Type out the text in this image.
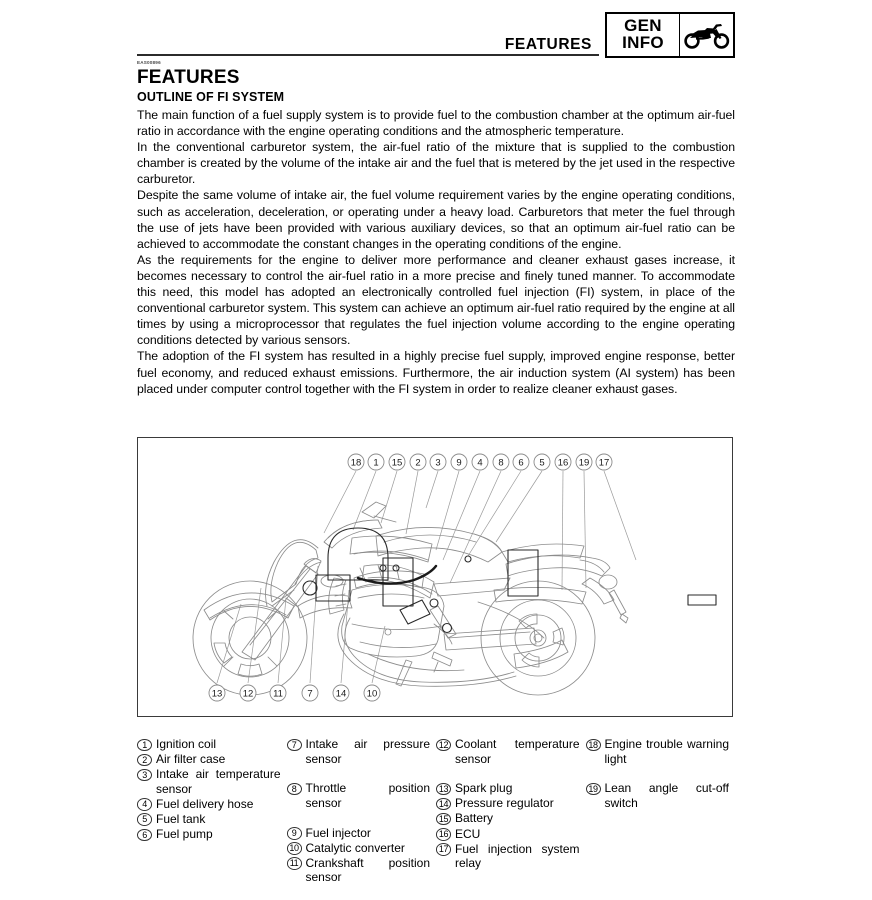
FEATURES
GEN
INFO
EAS00896
FEATURES
OUTLINE OF FI SYSTEM

The main function of a fuel supply system is to provide fuel to the combustion chamber at the optimum air-fuel ratio in accordance with the engine operating conditions and the atmospheric temperature.

In the conventional carburetor system, the air-fuel ratio of the mixture that is supplied to the combustion chamber is created by the volume of the intake air and the fuel that is metered by the jet used in the respective carburetor.

Despite the same volume of intake air, the fuel volume requirement varies by the engine operating conditions, such as acceleration, deceleration, or operating under a heavy load. Carburetors that meter the fuel through the use of jets have been provided with various auxiliary devices, so that an optimum air-fuel ratio can be achieved to accommodate the constant changes in the operating conditions of the engine.

As the requirements for the engine to deliver more performance and cleaner exhaust gases increase, it becomes necessary to control the air-fuel ratio in a more precise and finely tuned manner. To accommodate this need, this model has adopted an electronically controlled fuel injection (FI) system, in place of the conventional carburetor system. This system can achieve an optimum air-fuel ratio required by the engine at all times by using a microprocessor that regulates the fuel injection volume according to the engine operating conditions detected by various sensors.

The adoption of the FI system has resulted in a highly precise fuel supply, improved engine response, better fuel economy, and reduced exhaust emissions. Furthermore, the air induction system (AI system) has been placed under computer control together with the FI system in order to realize cleaner exhaust gases.

18 1 15 2 3 9 4 8 6 5 16 19 17
13 12 11	7 14 10
1 Ignition coil
2 Air filter case
3 Intake air temperature sensor
4 Fuel delivery hose
5 Fuel tank
6 Fuel pump
7 Intake air pressure sensor
8 Throttle position sensor
9 Fuel injector
10 Catalytic converter
11 Crankshaft position sensor
12 Coolant temperature sensor
13 Spark plug
14 Pressure regulator
15 Battery
16 ECU
17 Fuel injection system relay
18 Engine trouble warning light
19 Lean angle cut-off switch
